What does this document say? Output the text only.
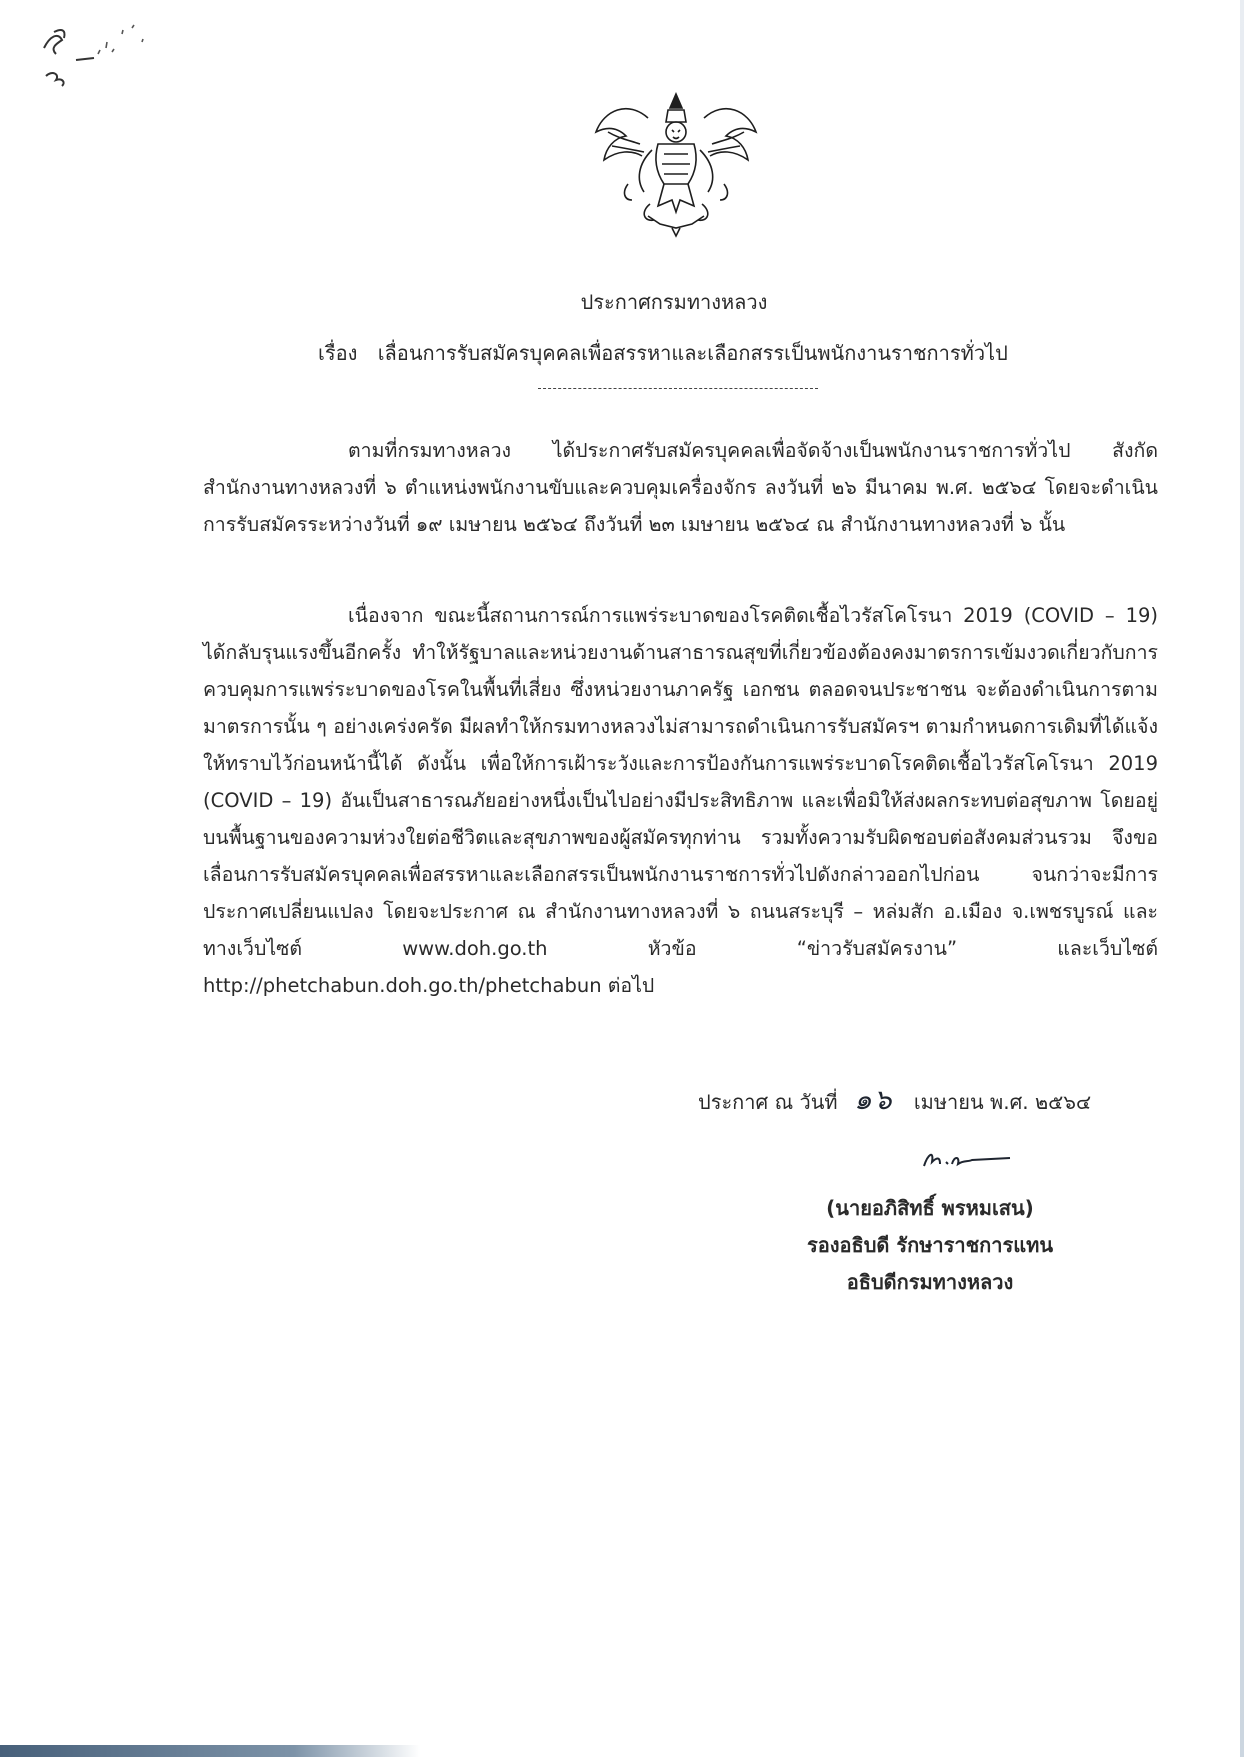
ประกาศกรมทางหลวง
เรื่อง เลื่อนการรับสมัครบุคคลเพื่อสรรหาและเลือกสรรเป็นพนักงานราชการทั่วไป

ตามที่กรมทางหลวง ได้ประกาศรับสมัครบุคคลเพื่อจัดจ้างเป็นพนักงานราชการทั่วไป สังกัดสำนักงานทางหลวงที่ ๖ ตำแหน่งพนักงานขับและควบคุมเครื่องจักร ลงวันที่ ๒๖ มีนาคม พ.ศ. ๒๕๖๔ โดยจะดำเนินการรับสมัครระหว่างวันที่ ๑๙ เมษายน ๒๕๖๔ ถึงวันที่ ๒๓ เมษายน ๒๕๖๔ ณ สำนักงานทางหลวงที่ ๖ นั้น

เนื่องจาก ขณะนี้สถานการณ์การแพร่ระบาดของโรคติดเชื้อไวรัสโคโรนา 2019 (COVID – 19) ได้กลับรุนแรงขึ้นอีกครั้ง ทำให้รัฐบาลและหน่วยงานด้านสาธารณสุขที่เกี่ยวข้องต้องคงมาตรการเข้มงวดเกี่ยวกับการควบคุมการแพร่ระบาดของโรคในพื้นที่เสี่ยง ซึ่งหน่วยงานภาครัฐ เอกชน ตลอดจนประชาชน จะต้องดำเนินการตามมาตรการนั้น ๆ อย่างเคร่งครัด มีผลทำให้กรมทางหลวงไม่สามารถดำเนินการรับสมัครฯ ตามกำหนดการเดิมที่ได้แจ้งให้ทราบไว้ก่อนหน้านี้ได้ ดังนั้น เพื่อให้การเฝ้าระวังและการป้องกันการแพร่ระบาดโรคติดเชื้อไวรัสโคโรนา 2019 (COVID – 19) อันเป็นสาธารณภัยอย่างหนึ่งเป็นไปอย่างมีประสิทธิภาพ และเพื่อมิให้ส่งผลกระทบต่อสุขภาพ โดยอยู่บนพื้นฐานของความห่วงใยต่อชีวิตและสุขภาพของผู้สมัครทุกท่าน รวมทั้งความรับผิดชอบต่อสังคมส่วนรวม จึงขอเลื่อนการรับสมัครบุคคลเพื่อสรรหาและเลือกสรรเป็นพนักงานราชการทั่วไปดังกล่าวออกไปก่อน จนกว่าจะมีการประกาศเปลี่ยนแปลง โดยจะประกาศ ณ สำนักงานทางหลวงที่ ๖ ถนนสระบุรี – หล่มสัก อ.เมือง จ.เพชรบูรณ์ และทางเว็บไซต์ www.doh.go.th หัวข้อ “ข่าวรับสมัครงาน” และเว็บไซต์ http://phetchabun.doh.go.th/phetchabun ต่อไป

ประกาศ ณ วันที่ ๑๖ เมษายน พ.ศ. ๒๕๖๔
(นายอภิสิทธิ์ พรหมเสน)
รองอธิบดี รักษาราชการแทน
อธิบดีกรมทางหลวง
